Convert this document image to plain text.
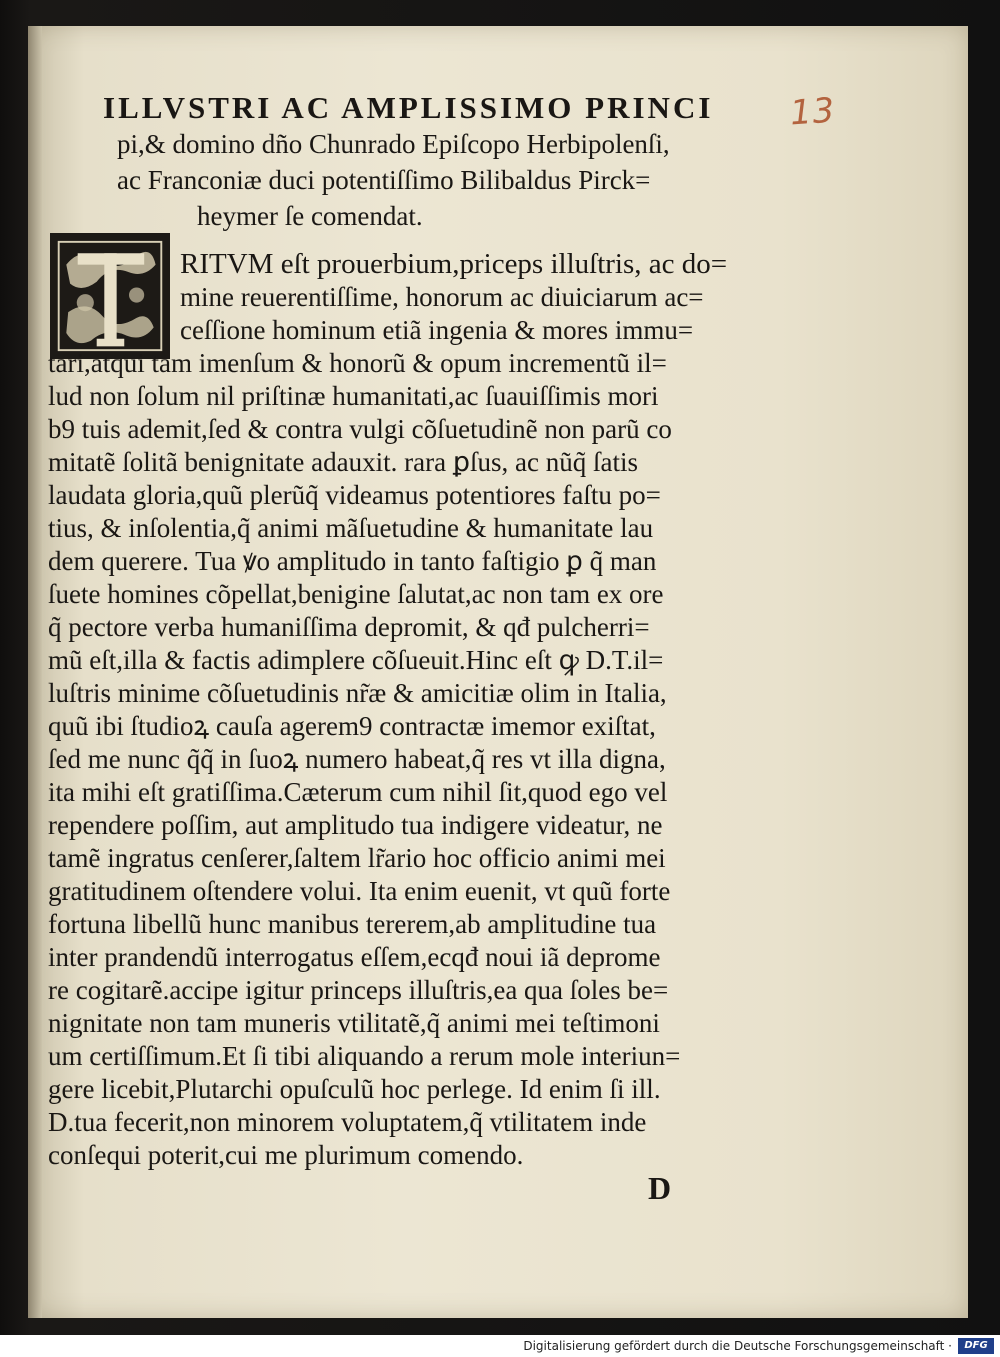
13
ILLVSTRI AC AMPLISSIMO PRINCI
pi,& domino dño Chunrado Epiſcopo Herbipolenſi,
ac Franconiæ duci potentiſſimo Bilibaldus Pirck=
heymer ſe comendat.
RITVM eſt prouerbium,priceps illuſtris, ac do=
mine reuerentiſſime, honorum ac diuiciarum ac=
ceſſione hominum etiã ingenia & mores immu=
tari,atqui tam imenſum & honorũ & opum incrementũ il=
lud non ſolum nil priſtinæ humanitati,ac ſuauiſſimis mori
b9 tuis ademit,ſed & contra vulgi cõſuetudinẽ non parũ co
mitatẽ ſolitã benignitate adauxit. rara ꝑſus, ac nũq̃ ſatis
laudata gloria,quũ plerũq̃ videamus potentiores faſtu po=
tius, & inſolentia,q̃ animi mãſuetudine & humanitate lau
dem querere. Tua ꝟo amplitudo in tanto faſtigio ꝑ q̃ man
ſuete homines cõpellat,benigine ſalutat,ac non tam ex ore
q̃ pectore verba humaniſſima depromit, & qđ pulcherri=
mũ eſt,illa & factis adimplere cõſueuit.Hinc eſt ꝙ D.T.il=
luſtris minime cõſuetudinis nr̃æ & amicitiæ olim in Italia,
quũ ibi ſtudioꝝ cauſa agerem9 contractæ imemor exiſtat,
ſed me nunc q̃q̃ in ſuoꝝ numero habeat,q̃ res vt illa digna,
ita mihi eſt gratiſſima.Cæterum cum nihil ſit,quod ego vel
rependere poſſim, aut amplitudo tua indigere videatur, ne
tamẽ ingratus cenſerer,ſaltem lr̃ario hoc officio animi mei
gratitudinem oſtendere volui. Ita enim euenit, vt quũ forte
fortuna libellũ hunc manibus tererem,ab amplitudine tua
inter prandendũ interrogatus eſſem,ecqđ noui iã deprome
re cogitarẽ.accipe igitur princeps illuſtris,ea qua ſoles be=
nignitate non tam muneris vtilitatẽ,q̃ animi mei teſtimoni
um certiſſimum.Et ſi tibi aliquando a rerum mole interiun=
gere licebit,Plutarchi opuſculũ hoc perlege. Id enim ſi ill.
D.tua fecerit,non minorem voluptatem,q̃ vtilitatem inde
conſequi poterit,cui me plurimum comendo.
D
Digitalisierung gefördert durch die Deutsche Forschungsgemeinschaft ·	DFG
